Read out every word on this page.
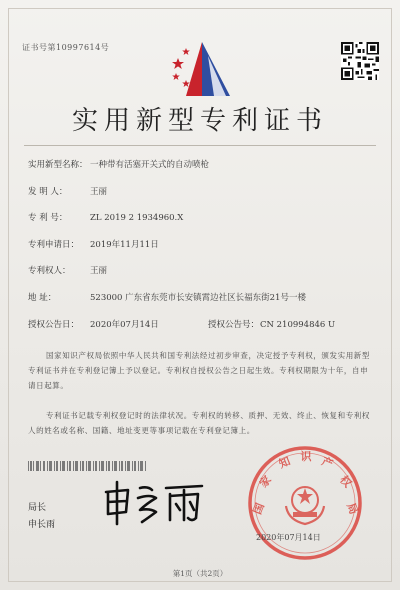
证书号第10997614号
实用新型专利证书
实用新型名称： 一种带有活塞开关式的自动喷枪
发 明 人：	王丽
专 利 号：	ZL 2019 2 1934960.X
专利申请日： 2019年11月11日
专利权人： 王丽
地 址：	523000 广东省东莞市长安镇霄边社区长福东街21号一楼
授权公告日： 2020年07月14日	授权公告号：CN 210994846 U
国家知识产权局依照中华人民共和国专利法经过初步审查，决定授予专利权，颁发实用新型专利证书并在专利登记簿上予以登记。专利权自授权公告之日起生效。专利权期限为十年，自申请日起算。
专利证书记载专利权登记时的法律状况。专利权的转移、质押、无效、终止、恢复和专利权人的姓名或名称、国籍、地址变更等事项记载在专利登记簿上。
局长
申长雨
国
家
知 识 产
权
局
2020年07月14日
第1页（共2页）
